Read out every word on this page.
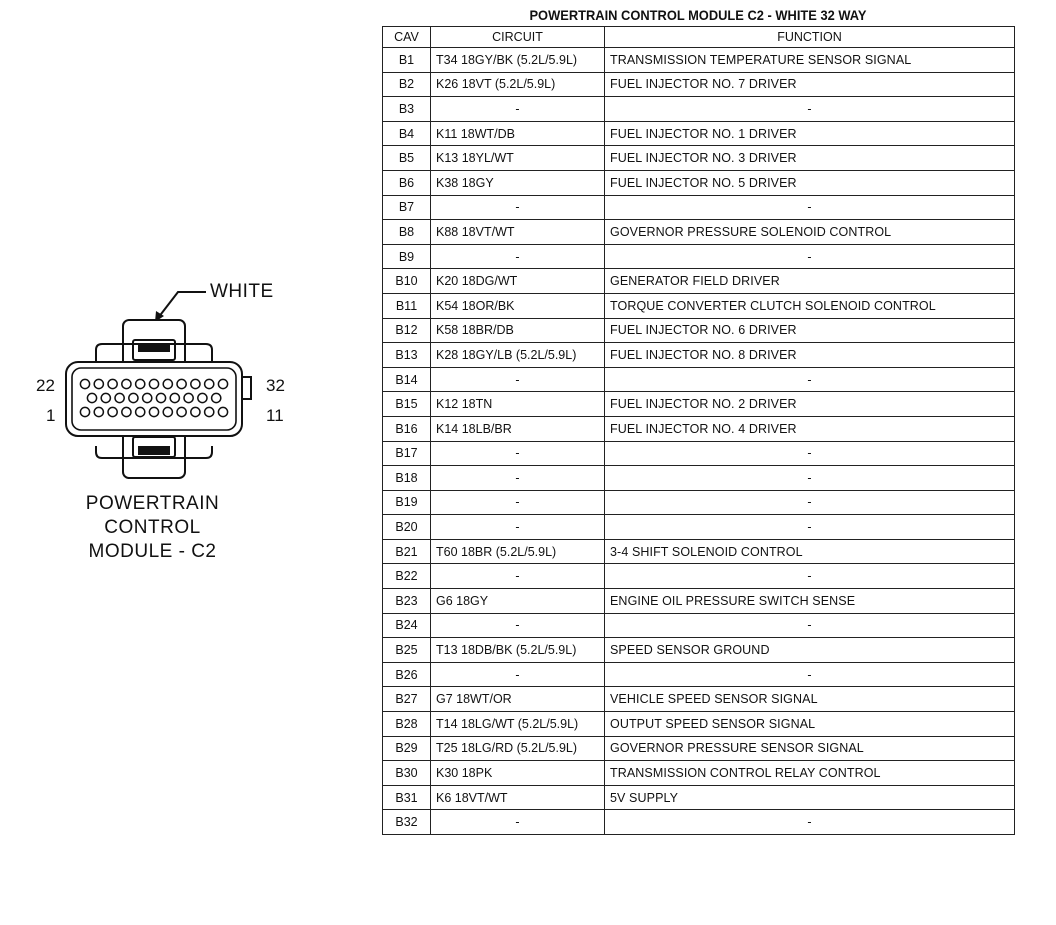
WHITE
22
1
32
11
POWERTRAIN
CONTROL
MODULE - C2
POWERTRAIN CONTROL MODULE C2 - WHITE 32 WAY
CAV	CIRCUIT	FUNCTION
B1	T34 18GY/BK (5.2L/5.9L)	TRANSMISSION TEMPERATURE SENSOR SIGNAL
B2	K26 18VT (5.2L/5.9L)	FUEL INJECTOR NO. 7 DRIVER
B3	-	-
B4	K11 18WT/DB	FUEL INJECTOR NO. 1 DRIVER
B5	K13 18YL/WT	FUEL INJECTOR NO. 3 DRIVER
B6	K38 18GY	FUEL INJECTOR NO. 5 DRIVER
B7	-	-
B8	K88 18VT/WT	GOVERNOR PRESSURE SOLENOID CONTROL
B9	-	-
B10	K20 18DG/WT	GENERATOR FIELD DRIVER
B11	K54 18OR/BK	TORQUE CONVERTER CLUTCH SOLENOID CONTROL
B12	K58 18BR/DB	FUEL INJECTOR NO. 6 DRIVER
B13	K28 18GY/LB (5.2L/5.9L)	FUEL INJECTOR NO. 8 DRIVER
B14	-	-
B15	K12 18TN	FUEL INJECTOR NO. 2 DRIVER
B16	K14 18LB/BR	FUEL INJECTOR NO. 4 DRIVER
B17	-	-
B18	-	-
B19	-	-
B20	-	-
B21	T60 18BR (5.2L/5.9L)	3-4 SHIFT SOLENOID CONTROL
B22	-	-
B23	G6 18GY	ENGINE OIL PRESSURE SWITCH SENSE
B24	-	-
B25	T13 18DB/BK (5.2L/5.9L)	SPEED SENSOR GROUND
B26	-	-
B27	G7 18WT/OR	VEHICLE SPEED SENSOR SIGNAL
B28	T14 18LG/WT (5.2L/5.9L)	OUTPUT SPEED SENSOR SIGNAL
B29	T25 18LG/RD (5.2L/5.9L)	GOVERNOR PRESSURE SENSOR SIGNAL
B30	K30 18PK	TRANSMISSION CONTROL RELAY CONTROL
B31	K6 18VT/WT	5V SUPPLY
B32	-	-
